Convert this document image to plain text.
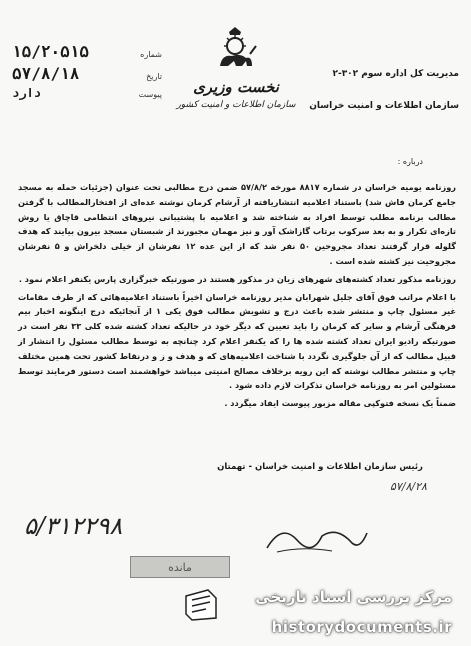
۱۵/۲۰۵۱۵	شماره
۵۷/۸/۱۸	تاریخ
دارد	پیوست	نخست وزیری
سازمان اطلاعات و امنیت کشور
مدیریت کل اداره سوم ۳۰۲-۲
سازمان اطلاعات و امنیت خراسان
درباره :

روزنامه یومیه خراسان در شماره ۸۸۱۷ مورخه ۵۷/۸/۲ ضمن درج مطالبی تحت عنوان (جزئیات حمله به مسجد جامع کرمان فاش شد) باستناد اعلامیه انتشاریافته از آرشام کرمان نوشته عده‌ای از افتخارالمطالب با گرفتن مطالب برنامه مطلب توسط افراد به شناخته شد و اعلامیه با پشتیبانی نیروهای انتظامی قاچاق یا روش تازه‌ای تکرار و به بعد سرکوب برتاب گازاشک آور و نیز مهمان مجبورند از شبستان مسجد بیرون بیایند که هدف گلوله قرار گرفتند تعداد مجروحین ۵۰ نفر شد که از این عده ۱۲ نفرشان از خیلی دلخراش و ۵ نفرشان مجروحیت نیز کشته شده است .

روزنامه مذکور تعداد کشته‌های شهرهای زیان در مذکور هستند در صورتیکه خبرگزاری پارس یکنفر اعلام نمود .

با اعلام مراتب فوق آقای جلیل شهرابان مدیر روزنامه خراسان اخیراً باستناد اعلامیه‌هائی که از طرف مقامات غیر مسئول چاپ و منتشر شده باعث درج و تشویش مطالب فوق یکی ۱ از آنجائیکه درج اینگونه اخبار بیم فرهنگی آرشام و سایر که کرمان را باید تعیین که دیگر خود در حالیکه تعداد کشته شده کلی ۳۳ نفر است در صورتیکه رادیو ایران تعداد کشته شده ها را که یکنفر اعلام کرد چنانچه به توسط مطالب مسئول را انتشار از قبیل مطالب که از آن جلوگیری نگردد با شناخت اعلامیه‌های که و هدف و ز و درنقاط کشور تحت همین مختلف چاپ و منتشر مطالب نوشته که این رویه برخلاف مصالح امنیتی میباشد خواهشمند است دستور فرمایند توسط مسئولین امر به روزنامه خراسان تذکرات لازم داده شود .

ضمناً یک نسخه فتوکپی مقاله مزبور پیوست ایفاد میگردد .

رئیس سازمان اطلاعات و امنیت خراسان - تهمتان
۵۷/۸/۲۸
۵/۳۱۲۲۹۸
مانده
مرکز بررسی اسناد تاریخی
historydocuments.ir
